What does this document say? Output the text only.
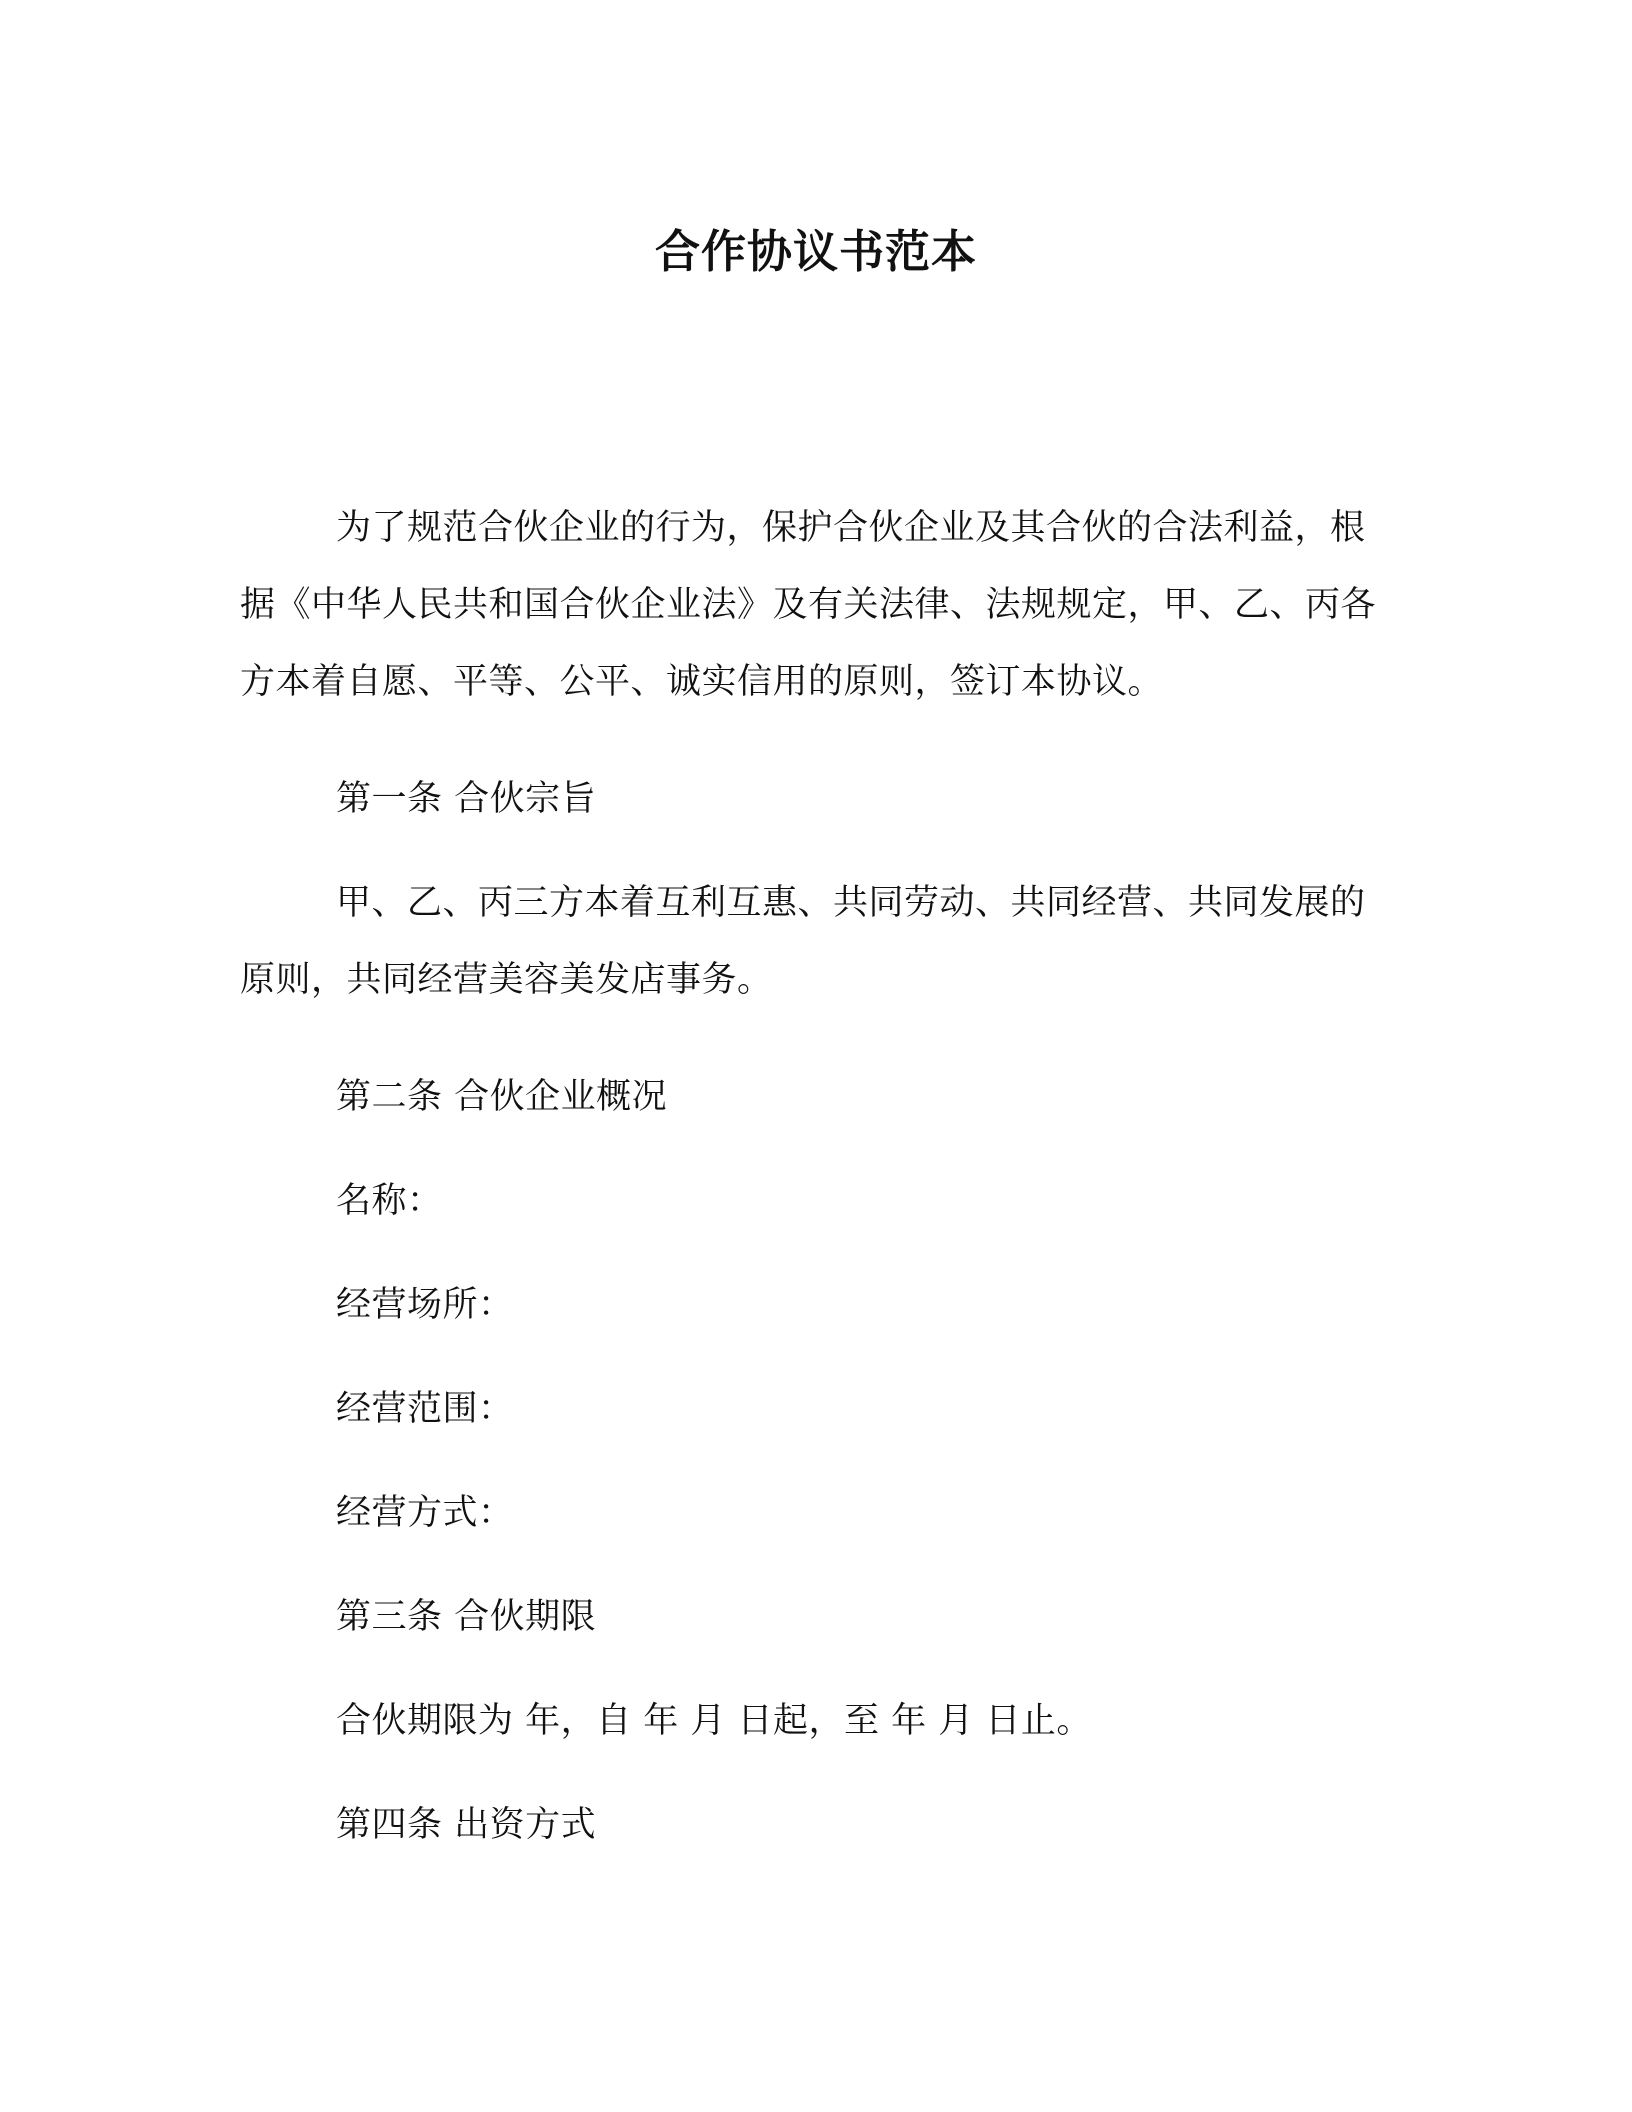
合作协议书范本

为了规范合伙企业的行为，保护合伙企业及其合伙的合法利益，根据《中华人民共和国合伙企业法》及有关法律、法规规定，甲、乙、丙各方本着自愿、平等、公平、诚实信用的原则，签订本协议。

第一条 合伙宗旨

甲、乙、丙三方本着互利互惠、共同劳动、共同经营、共同发展的原则，共同经营美容美发店事务。

第二条 合伙企业概况

名称：

经营场所：

经营范围：

经营方式：

第三条 合伙期限

合伙期限为 年，自 年 月 日起，至 年 月 日止。

第四条 出资方式
